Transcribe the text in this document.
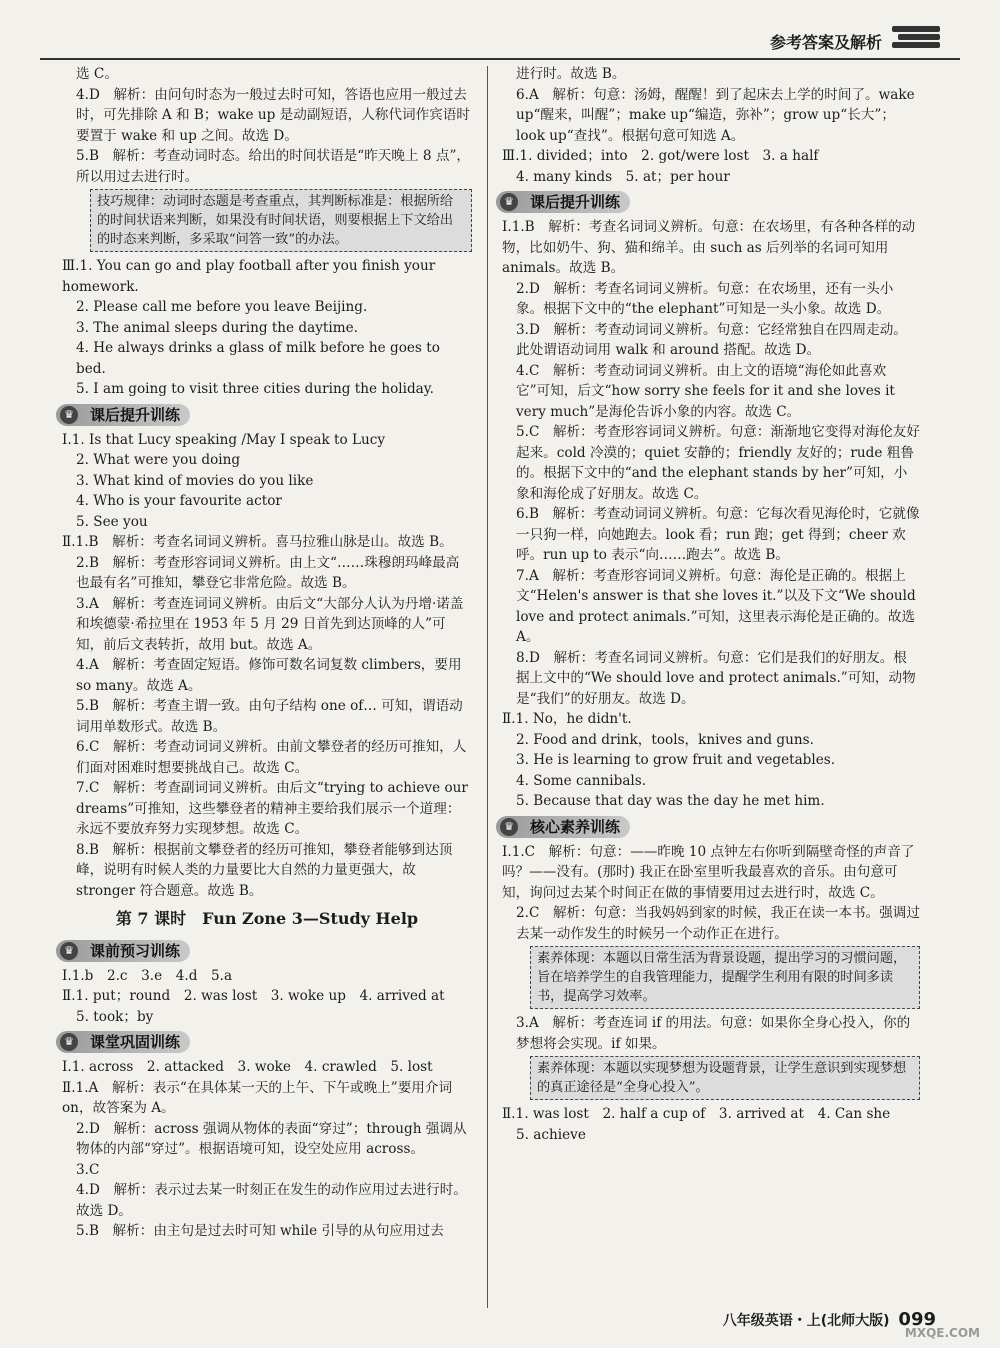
参考答案及解析

选 C。

4.D　解析：由问句时态为一般过去时可知，答语也应用一般过去时，可先排除 A 和 B；wake up 是动副短语，人称代词作宾语时要置于 wake 和 up 之间。故选 D。

5.B　解析：考查动词时态。给出的时间状语是“昨天晚上 8 点”，所以用过去进行时。

技巧规律：动词时态题是考查重点，其判断标准是：根据所给的时间状语来判断，如果没有时间状语，则要根据上下文给出的时态来判断，多采取“问答一致”的办法。

Ⅲ.1. You can go and play football after you finish your homework.

2. Please call me before you leave Beijing.

3. The animal sleeps during the daytime.

4. He always drinks a glass of milk before he goes to bed.

5. I am going to visit three cities during the holiday.

♛ 课后提升训练

Ⅰ.1. Is that Lucy speaking /May I speak to Lucy

2. What were you doing

3. What kind of movies do you like

4. Who is your favourite actor

5. See you

Ⅱ.1.B　解析：考查名词词义辨析。喜马拉雅山脉是山。故选 B。

2.B　解析：考查形容词词义辨析。由上文“……珠穆朗玛峰最高也最有名”可推知，攀登它非常危险。故选 B。

3.A　解析：考查连词词义辨析。由后文“大部分人认为丹增·诺盖和埃德蒙·希拉里在 1953 年 5 月 29 日首先到达顶峰的人”可知，前后文表转折，故用 but。故选 A。

4.A　解析：考查固定短语。修饰可数名词复数 climbers，要用 so many。故选 A。

5.B　解析：考查主谓一致。由句子结构 one of… 可知，谓语动词用单数形式。故选 B。

6.C　解析：考查动词词义辨析。由前文攀登者的经历可推知，人们面对困难时想要挑战自己。故选 C。

7.C　解析：考查副词词义辨析。由后文“trying to achieve our dreams”可推知，这些攀登者的精神主要给我们展示一个道理：永远不要放弃努力实现梦想。故选 C。

8.B　解析：根据前文攀登者的经历可推知，攀登者能够到达顶峰，说明有时候人类的力量要比大自然的力量更强大，故 stronger 符合题意。故选 B。

第 7 课时　Fun Zone 3—Study Help
♛ 课前预习训练

Ⅰ.1.b　2.c　3.e　4.d　5.a

Ⅱ.1. put；round　2. was lost　3. woke up　4. arrived at

5. took；by

♛ 课堂巩固训练

Ⅰ.1. across　2. attacked　3. woke　4. crawled　5. lost

Ⅱ.1.A　解析：表示“在具体某一天的上午、下午或晚上”要用介词 on，故答案为 A。

2.D　解析：across 强调从物体的表面“穿过”；through 强调从物体的内部“穿过”。根据语境可知，设空处应用 across。

3.C

4.D　解析：表示过去某一时刻正在发生的动作应用过去进行时。故选 D。

5.B　解析：由主句是过去时可知 while 引导的从句应用过去

进行时。故选 B。

6.A　解析：句意：汤姆，醒醒！到了起床去上学的时间了。wake up“醒来，叫醒”；make up“编造，弥补”；grow up“长大”；look up“查找”。根据句意可知选 A。

Ⅲ.1. divided；into　2. got/were lost　3. a half

4. many kinds　5. at；per hour

♛ 课后提升训练

Ⅰ.1.B　解析：考查名词词义辨析。句意：在农场里，有各种各样的动物，比如奶牛、狗、猫和绵羊。由 such as 后列举的名词可知用 animals。故选 B。

2.D　解析：考查名词词义辨析。句意：在农场里，还有一头小象。根据下文中的“the elephant”可知是一头小象。故选 D。

3.D　解析：考查动词词义辨析。句意：它经常独自在四周走动。此处谓语动词用 walk 和 around 搭配。故选 D。

4.C　解析：考查动词词义辨析。由上文的语境“海伦如此喜欢它”可知，后文“how sorry she feels for it and she loves it very much”是海伦告诉小象的内容。故选 C。

5.C　解析：考查形容词词义辨析。句意：渐渐地它变得对海伦友好起来。cold 冷漠的；quiet 安静的；friendly 友好的；rude 粗鲁的。根据下文中的“and the elephant stands by her”可知，小象和海伦成了好朋友。故选 C。

6.B　解析：考查动词词义辨析。句意：它每次看见海伦时，它就像一只狗一样，向她跑去。look 看；run 跑；get 得到；cheer 欢呼。run up to 表示“向……跑去”。故选 B。

7.A　解析：考查形容词词义辨析。句意：海伦是正确的。根据上文“Helen's answer is that she loves it.”以及下文“We should love and protect animals.”可知，这里表示海伦是正确的。故选 A。

8.D　解析：考查名词词义辨析。句意：它们是我们的好朋友。根据上文中的“We should love and protect animals.”可知，动物是“我们”的好朋友。故选 D。

Ⅱ.1. No，he didn't.

2. Food and drink，tools，knives and guns.

3. He is learning to grow fruit and vegetables.

4. Some cannibals.

5. Because that day was the day he met him.

♛ 核心素养训练

Ⅰ.1.C　解析：句意：——昨晚 10 点钟左右你听到隔壁奇怪的声音了吗？——没有。(那时) 我正在卧室里听我最喜欢的音乐。由句意可知，询问过去某个时间正在做的事情要用过去进行时，故选 C。

2.C　解析：句意：当我妈妈到家的时候，我正在读一本书。强调过去某一动作发生的时候另一个动作正在进行。

素养体现：本题以日常生活为背景设题，提出学习的习惯问题，旨在培养学生的自我管理能力，提醒学生利用有限的时间多读书，提高学习效率。

3.A　解析：考查连词 if 的用法。句意：如果你全身心投入，你的梦想将会实现。if 如果。

素养体现：本题以实现梦想为设题背景，让学生意识到实现梦想的真正途径是“全身心投入”。

Ⅱ.1. was lost　2. half a cup of　3. arrived at　4. Can she

5. achieve

八年级英语・上(北师大版) 099
MXQE.COM
